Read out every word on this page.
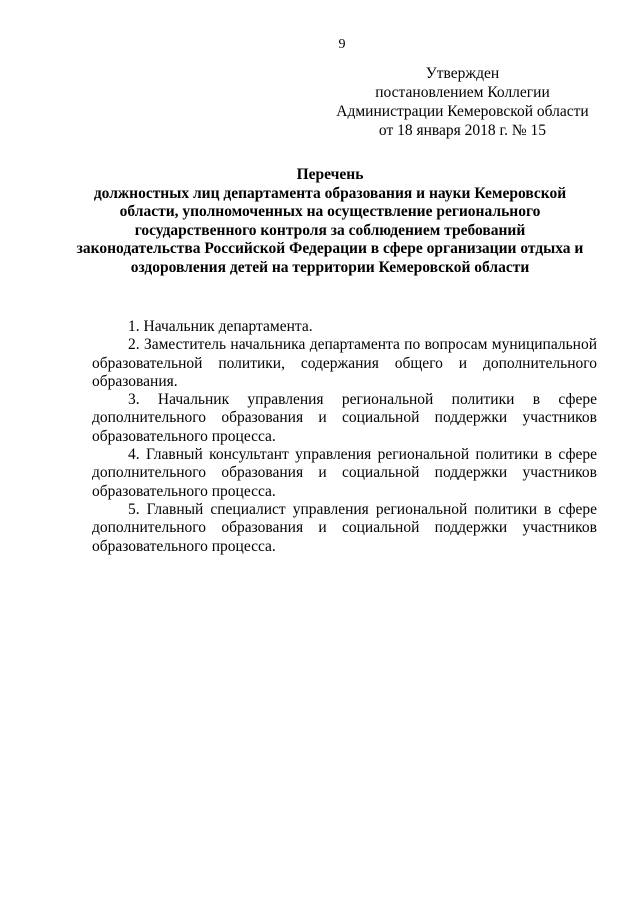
9
Утвержден
постановлением Коллегии
Администрации Кемеровской области
от 18 января 2018 г. № 15
Перечень
должностных лиц департамента образования и науки Кемеровской
области, уполномоченных на осуществление регионального
государственного контроля за соблюдением требований
законодательства Российской Федерации в сфере организации отдыха и
оздоровления детей на территории Кемеровской области

1. Начальник департамента.

2. Заместитель начальника департамента по вопросам муниципальной образовательной политики, содержания общего и дополнительного образования.

3. Начальник управления региональной политики в сфере дополнительного образования и социальной поддержки участников образовательного процесса.

4. Главный консультант управления региональной политики в сфере дополнительного образования и социальной поддержки участников образовательного процесса.

5. Главный специалист управления региональной политики в сфере дополнительного образования и социальной поддержки участников образовательного процесса.
